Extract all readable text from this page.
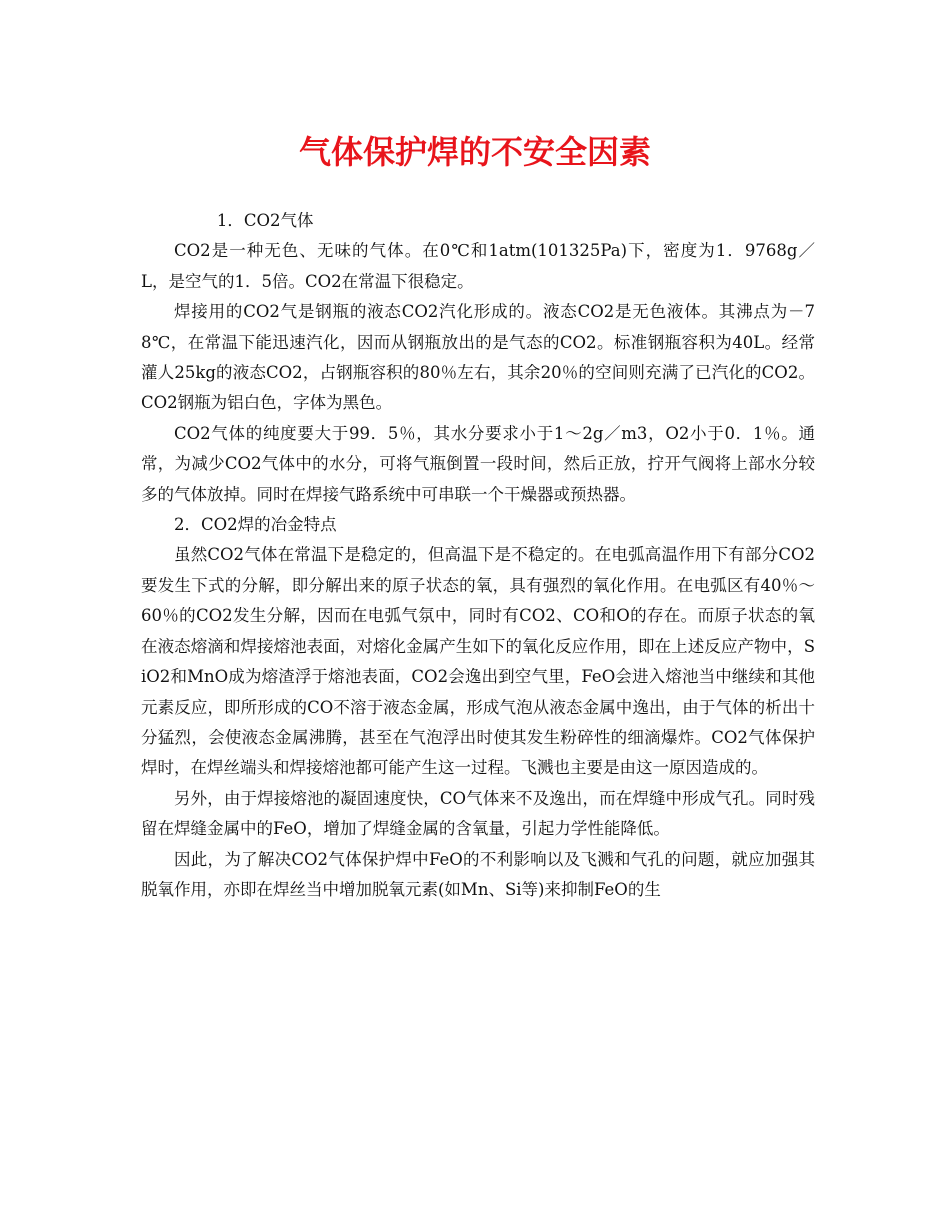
气体保护焊的不安全因素

1．CO2气体

CO2是一种无色、无味的气体。在0℃和1atm(101325Pa)下，密度为1．9768g／L，是空气的1．5倍。CO2在常温下很稳定。

焊接用的CO2气是钢瓶的液态CO2汽化形成的。液态CO2是无色液体。其沸点为－78℃，在常温下能迅速汽化，因而从钢瓶放出的是气态的CO2。标准钢瓶容积为40L。经常灌人25kg的液态CO2，占钢瓶容积的80％左右，其余20％的空间则充满了已汽化的CO2。CO2钢瓶为铝白色，字体为黑色。

CO2气体的纯度要大于99．5％，其水分要求小于1～2g／m3，O2小于0．1％。通常，为减少CO2气体中的水分，可将气瓶倒置一段时间，然后正放，拧开气阀将上部水分较多的气体放掉。同时在焊接气路系统中可串联一个干燥器或预热器。

2．CO2焊的冶金特点

虽然CO2气体在常温下是稳定的，但高温下是不稳定的。在电弧高温作用下有部分CO2要发生下式的分解，即分解出来的原子状态的氧，具有强烈的氧化作用。在电弧区有40％～60％的CO2发生分解，因而在电弧气氛中，同时有CO2、CO和O的存在。而原子状态的氧在液态熔滴和焊接熔池表面，对熔化金属产生如下的氧化反应作用，即在上述反应产物中，SiO2和MnO成为熔渣浮于熔池表面，CO2会逸出到空气里，FeO会进入熔池当中继续和其他元素反应，即所形成的CO不溶于液态金属，形成气泡从液态金属中逸出，由于气体的析出十分猛烈，会使液态金属沸腾，甚至在气泡浮出时使其发生粉碎性的细滴爆炸。CO2气体保护焊时，在焊丝端头和焊接熔池都可能产生这一过程。飞溅也主要是由这一原因造成的。

另外，由于焊接熔池的凝固速度快，CO气体来不及逸出，而在焊缝中形成气孔。同时残留在焊缝金属中的FeO，增加了焊缝金属的含氧量，引起力学性能降低。

因此，为了解决CO2气体保护焊中FeO的不利影响以及飞溅和气孔的问题，就应加强其脱氧作用，亦即在焊丝当中增加脱氧元素(如Mn、Si等)来抑制FeO的生
